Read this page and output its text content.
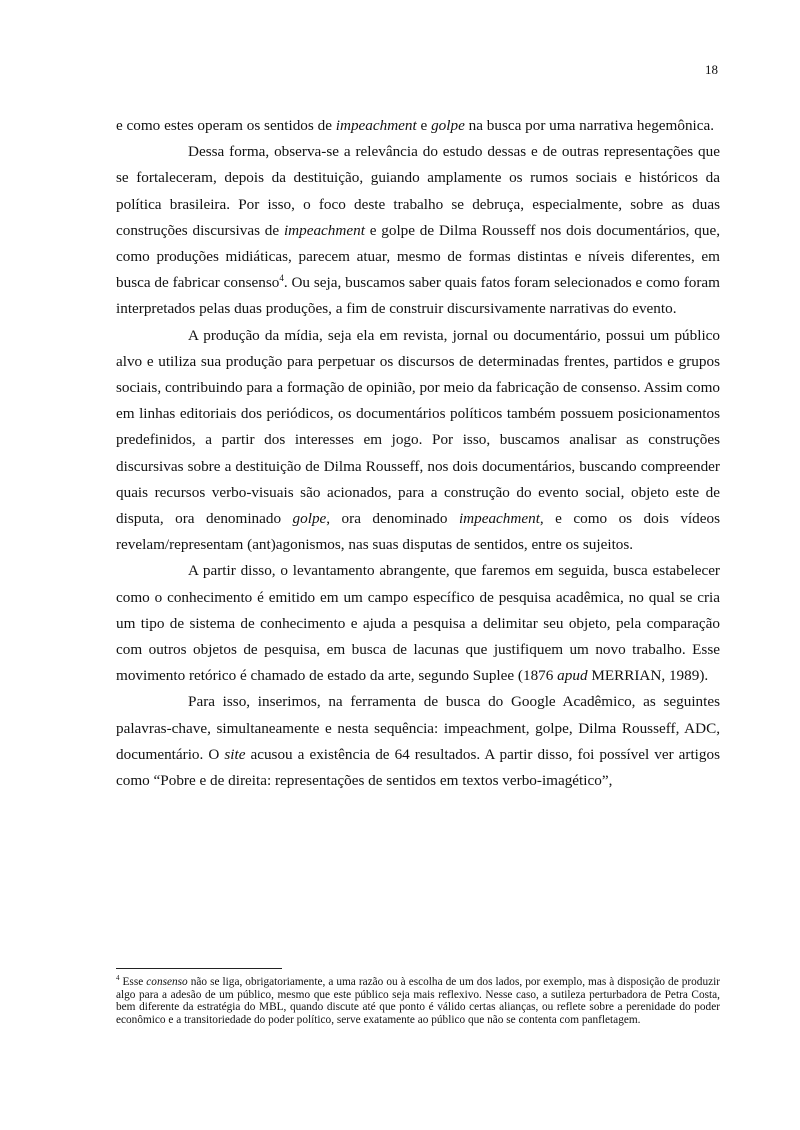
18

e como estes operam os sentidos de impeachment e golpe na busca por uma narrativa hegemônica.

Dessa forma, observa-se a relevância do estudo dessas e de outras representações que se fortaleceram, depois da destituição, guiando amplamente os rumos sociais e históricos da política brasileira. Por isso, o foco deste trabalho se debruça, especialmente, sobre as duas construções discursivas de impeachment e golpe de Dilma Rousseff nos dois documentários, que, como produções midiáticas, parecem atuar, mesmo de formas distintas e níveis diferentes, em busca de fabricar consenso$^4$. Ou seja, buscamos saber quais fatos foram selecionados e como foram interpretados pelas duas produções, a fim de construir discursivamente narrativas do evento.

A produção da mídia, seja ela em revista, jornal ou documentário, possui um público alvo e utiliza sua produção para perpetuar os discursos de determinadas frentes, partidos e grupos sociais, contribuindo para a formação de opinião, por meio da fabricação de consenso. Assim como em linhas editoriais dos periódicos, os documentários políticos também possuem posicionamentos predefinidos, a partir dos interesses em jogo. Por isso, buscamos analisar as construções discursivas sobre a destituição de Dilma Rousseff, nos dois documentários, buscando compreender quais recursos verbo-visuais são acionados, para a construção do evento social, objeto este de disputa, ora denominado golpe, ora denominado impeachment, e como os dois vídeos revelam/representam (ant)agonismos, nas suas disputas de sentidos, entre os sujeitos.

A partir disso, o levantamento abrangente, que faremos em seguida, busca estabelecer como o conhecimento é emitido em um campo específico de pesquisa acadêmica, no qual se cria um tipo de sistema de conhecimento e ajuda a pesquisa a delimitar seu objeto, pela comparação com outros objetos de pesquisa, em busca de lacunas que justifiquem um novo trabalho. Esse movimento retórico é chamado de estado da arte, segundo Suplee (1876 apud MERRIAN, 1989).

Para isso, inserimos, na ferramenta de busca do Google Acadêmico, as seguintes palavras-chave, simultaneamente e nesta sequência: impeachment, golpe, Dilma Rousseff, ADC, documentário. O site acusou a existência de 64 resultados. A partir disso, foi possível ver artigos como “Pobre e de direita: representações de sentidos em textos verbo-imagético”,

$^4$ Esse consenso não se liga, obrigatoriamente, a uma razão ou à escolha de um dos lados, por exemplo, mas à disposição de produzir algo para a adesão de um público, mesmo que este público seja mais reflexivo. Nesse caso, a sutileza perturbadora de Petra Costa, bem diferente da estratégia do MBL, quando discute até que ponto é válido certas alianças, ou reflete sobre a perenidade do poder econômico e a transitoriedade do poder político, serve exatamente ao público que não se contenta com panfletagem.
